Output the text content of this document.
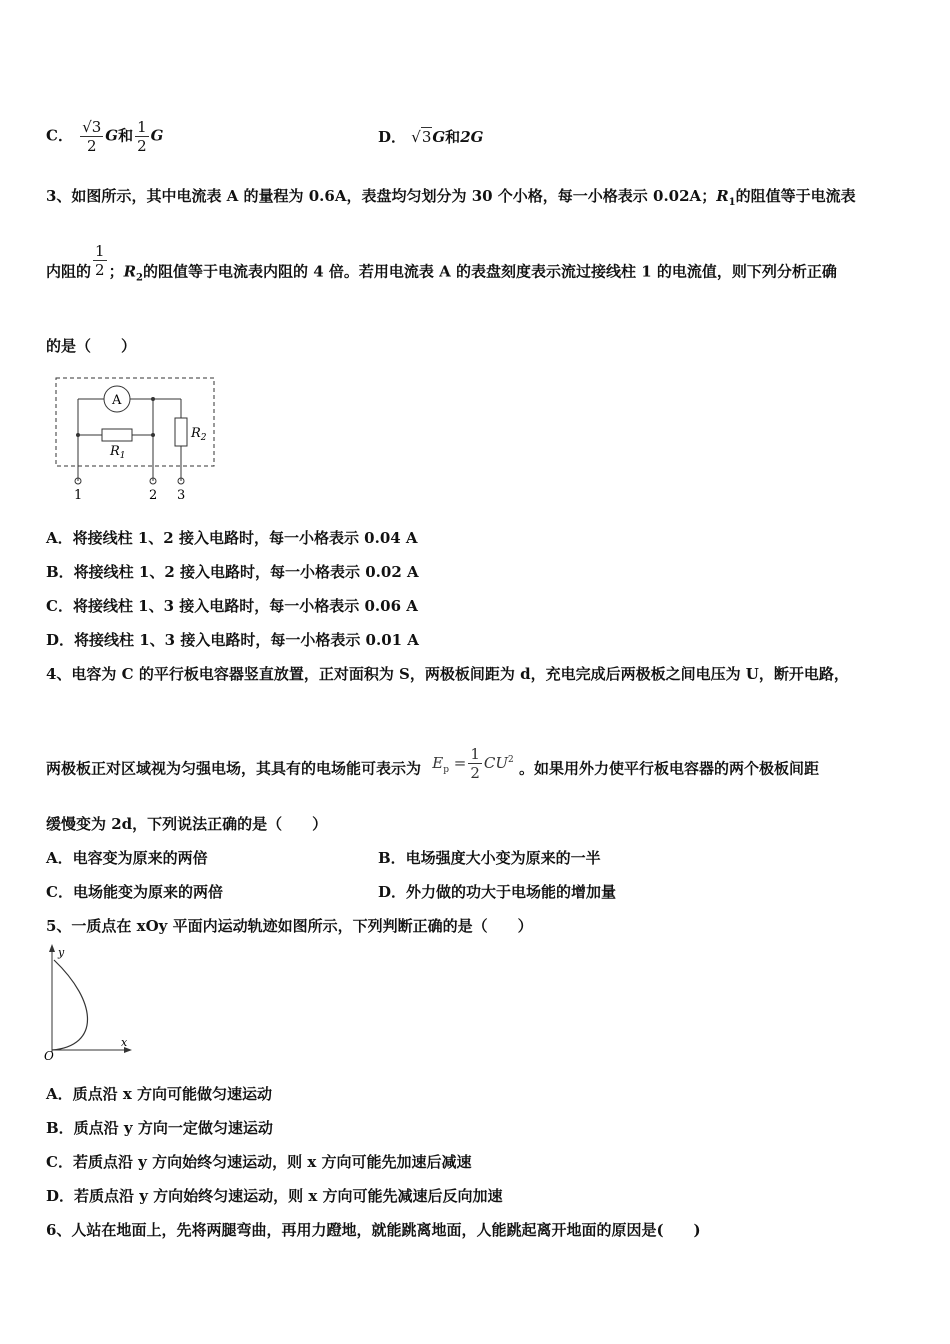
C． $\frac{√3}{2}$ G和 $\frac{1}{2}$ G	D． √3G和2G
3、如图所示，其中电流表 A 的量程为 0.6A，表盘均匀划分为 30 个小格，每一小格表示 0.02A；$R_1$的阻值等于电流表
内阻的 $\frac{1}{2}$ ；$R_2$的阻值等于电流表内阻的 4 倍。若用电流表 A 的表盘刻度表示流过接线柱 1 的电流值，则下列分析正确
的是（　　）
A
$R_2$
$R_1$
1	2 3
A．将接线柱 1、2 接入电路时，每一小格表示 0.04 A
B．将接线柱 1、2 接入电路时，每一小格表示 0.02 A
C．将接线柱 1、3 接入电路时，每一小格表示 0.06 A
D．将接线柱 1、3 接入电路时，每一小格表示 0.01 A
4、电容为 C 的平行板电容器竖直放置，正对面积为 S，两极板间距为 d，充电完成后两极板之间电压为 U，断开电路，
两极板正对区域视为匀强电场，其具有的电场能可表示为 $E_p = \frac{1}{2} CU^2$ 。如果用外力使平行板电容器的两个极板间距
缓慢变为 2d，下列说法正确的是（　　）
A．电容变为原来的两倍	B．电场强度大小变为原来的一半
C．电场能变为原来的两倍	D．外力做的功大于电场能的增加量
5、一质点在 xOy 平面内运动轨迹如图所示，下列判断正确的是（　　）
y
x
O
A．质点沿 x 方向可能做匀速运动
B．质点沿 y 方向一定做匀速运动
C．若质点沿 y 方向始终匀速运动，则 x 方向可能先加速后减速
D．若质点沿 y 方向始终匀速运动，则 x 方向可能先减速后反向加速
6、人站在地面上，先将两腿弯曲，再用力蹬地，就能跳离地面，人能跳起离开地面的原因是(　　)
